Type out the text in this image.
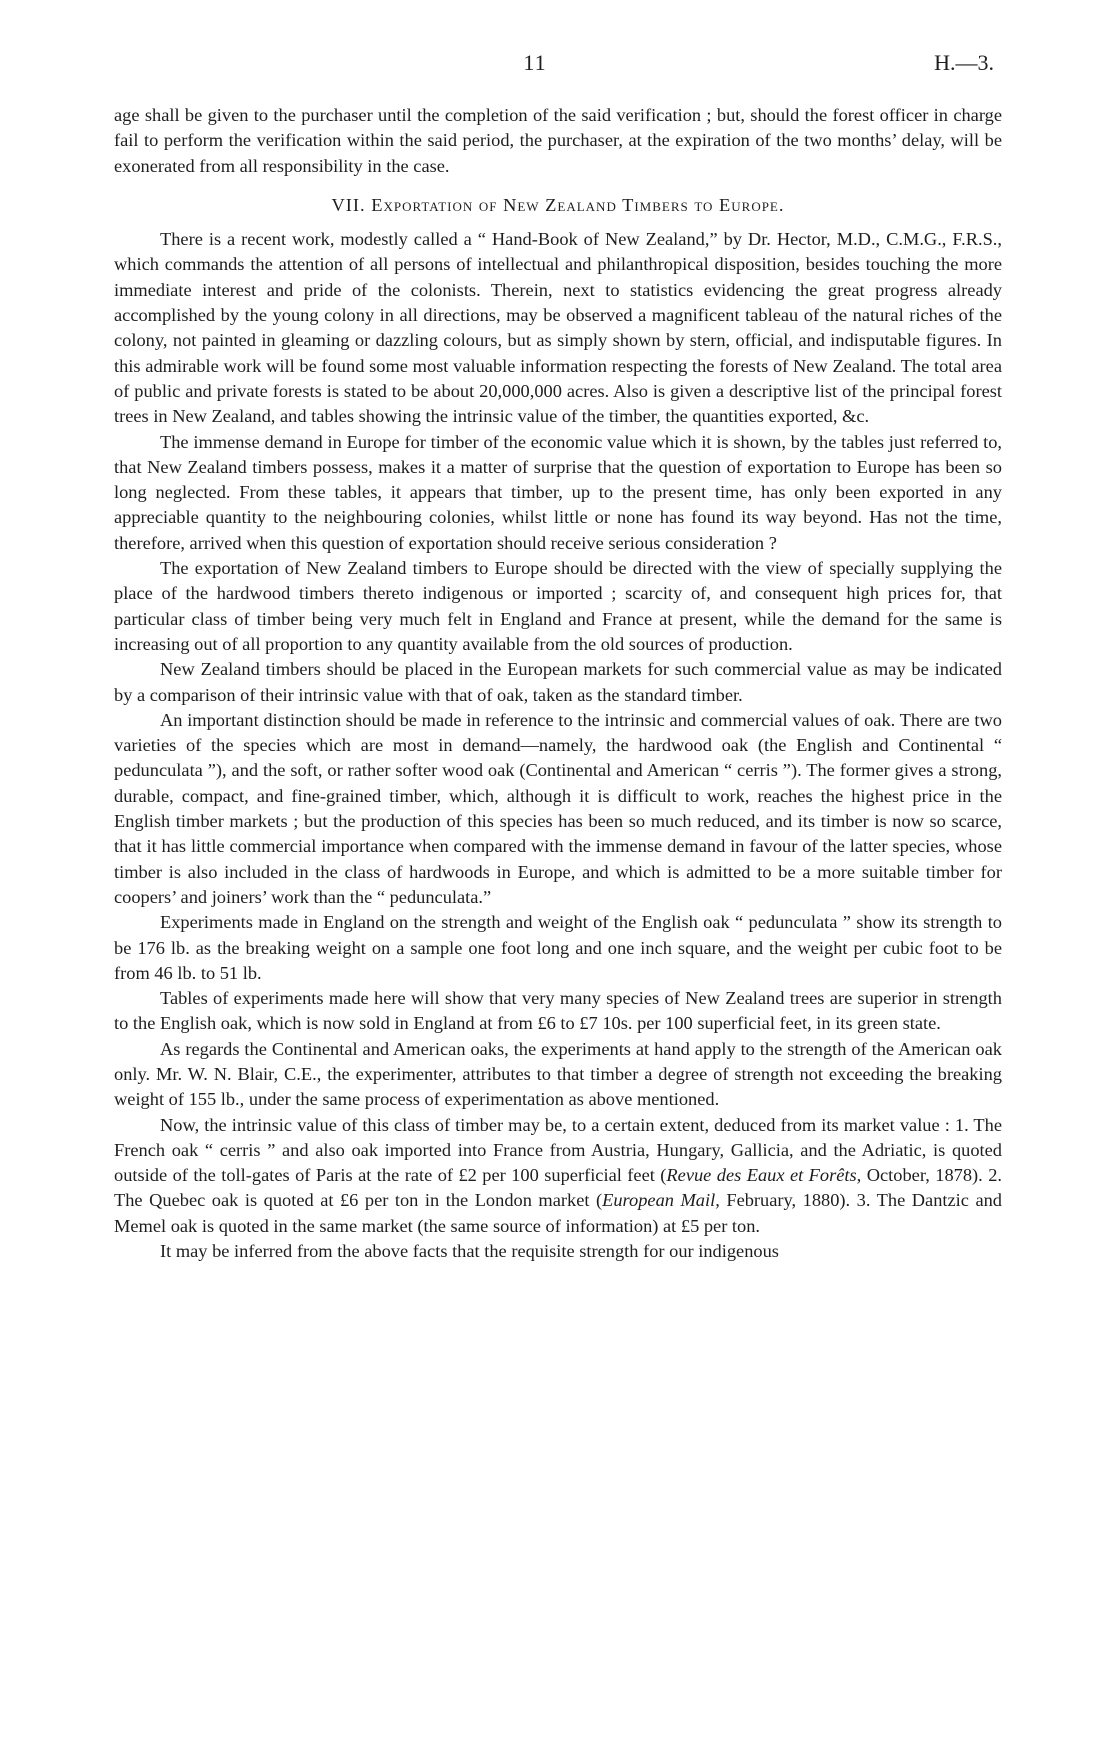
11	H.—3.

age shall be given to the purchaser until the completion of the said verification ; but, should the forest officer in charge fail to perform the verification within the said period, the purchaser, at the expiration of the two months’ delay, will be exonerated from all responsibility in the case.

VII. Exportation of New Zealand Timbers to Europe.

There is a recent work, modestly called a “ Hand-Book of New Zealand,” by Dr. Hector, M.D., C.M.G., F.R.S., which commands the attention of all persons of intellectual and philanthropical disposition, besides touching the more immediate interest and pride of the colonists. Therein, next to statistics evidencing the great progress already accomplished by the young colony in all directions, may be observed a magnificent tableau of the natural riches of the colony, not painted in gleaming or dazzling colours, but as simply shown by stern, official, and indisputable figures. In this admirable work will be found some most valuable information respecting the forests of New Zealand. The total area of public and private forests is stated to be about 20,000,000 acres. Also is given a descriptive list of the principal forest trees in New Zealand, and tables showing the intrinsic value of the timber, the quantities exported, &c.

The immense demand in Europe for timber of the economic value which it is shown, by the tables just referred to, that New Zealand timbers possess, makes it a matter of surprise that the question of exportation to Europe has been so long neglected. From these tables, it appears that timber, up to the present time, has only been exported in any appreciable quantity to the neighbouring colonies, whilst little or none has found its way beyond. Has not the time, therefore, arrived when this question of exportation should receive serious consideration ?

The exportation of New Zealand timbers to Europe should be directed with the view of specially supplying the place of the hardwood timbers thereto indigenous or imported ; scarcity of, and consequent high prices for, that particular class of timber being very much felt in England and France at present, while the demand for the same is increasing out of all proportion to any quantity available from the old sources of production.

New Zealand timbers should be placed in the European markets for such commercial value as may be indicated by a comparison of their intrinsic value with that of oak, taken as the standard timber.

An important distinction should be made in reference to the intrinsic and commercial values of oak. There are two varieties of the species which are most in demand—namely, the hardwood oak (the English and Continental “ pedunculata ”), and the soft, or rather softer wood oak (Continental and American “ cerris ”). The former gives a strong, durable, compact, and fine-grained timber, which, although it is difficult to work, reaches the highest price in the English timber markets ; but the production of this species has been so much reduced, and its timber is now so scarce, that it has little commercial importance when compared with the immense demand in favour of the latter species, whose timber is also included in the class of hardwoods in Europe, and which is admitted to be a more suitable timber for coopers’ and joiners’ work than the “ pedunculata.”

Experiments made in England on the strength and weight of the English oak “ pedunculata ” show its strength to be 176 lb. as the breaking weight on a sample one foot long and one inch square, and the weight per cubic foot to be from 46 lb. to 51 lb.

Tables of experiments made here will show that very many species of New Zealand trees are superior in strength to the English oak, which is now sold in England at from £6 to £7 10s. per 100 superficial feet, in its green state.

As regards the Continental and American oaks, the experiments at hand apply to the strength of the American oak only. Mr. W. N. Blair, C.E., the experimenter, attributes to that timber a degree of strength not exceeding the breaking weight of 155 lb., under the same process of experimentation as above mentioned.

Now, the intrinsic value of this class of timber may be, to a certain extent, deduced from its market value : 1. The French oak “ cerris ” and also oak imported into France from Austria, Hungary, Gallicia, and the Adriatic, is quoted outside of the toll-gates of Paris at the rate of £2 per 100 superficial feet (Revue des Eaux et Forêts, October, 1878). 2. The Quebec oak is quoted at £6 per ton in the London market (European Mail, February, 1880). 3. The Dantzic and Memel oak is quoted in the same market (the same source of information) at £5 per ton.

It may be inferred from the above facts that the requisite strength for our indigenous
